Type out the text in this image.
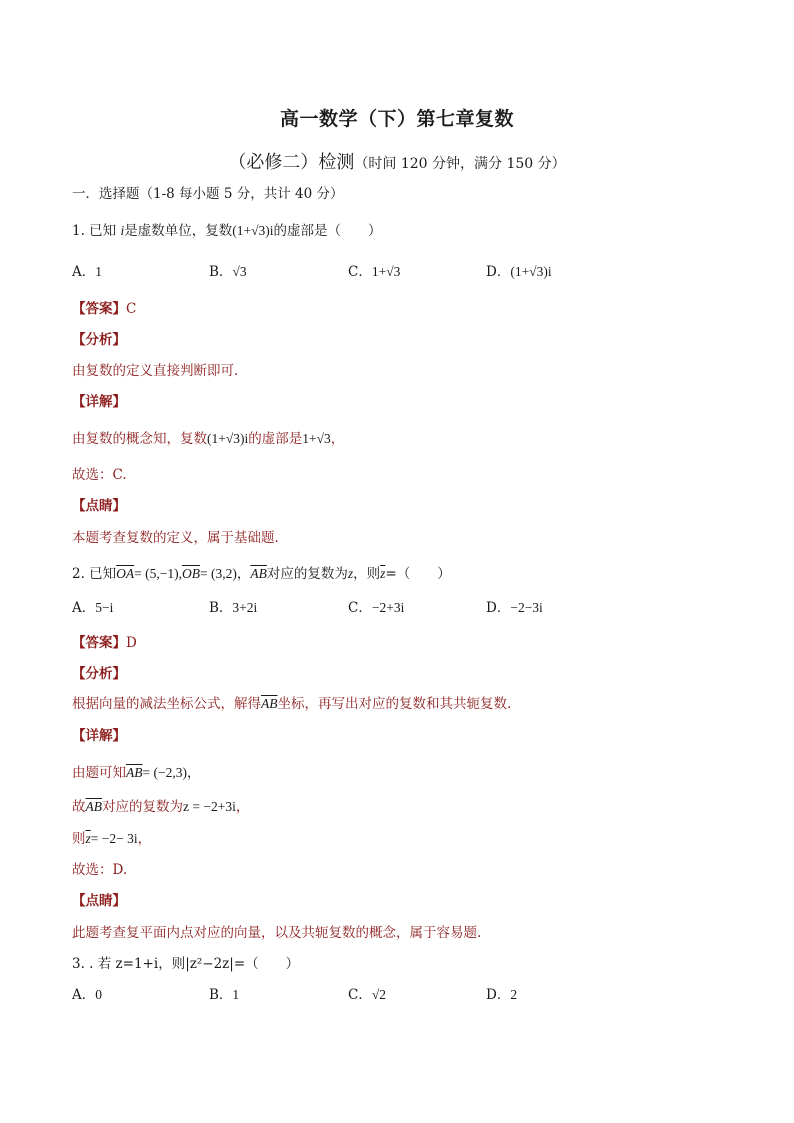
高一数学（下）第七章复数
（必修二）检测（时间 120 分钟，满分 150 分）
一．选择题（1-8 每小题 5 分，共计 40 分）
1. 已知 i是虚数单位，复数(1+√3)i的虚部是（　　）
A．1	B．√3	C．1+√3	D．(1+√3)i
【答案】C
【分析】
由复数的定义直接判断即可.
【详解】
由复数的概念知，复数(1+√3)i的虚部是1+√3，
故选：C.
【点睛】
本题考查复数的定义，属于基础题.
2. 已知$\overline{OA}= (5,-1),\overline{OB}= (3,2)$，$\overline{AB}$对应的复数为z，则$\overline{z}=$（　　）
A．5−i	B．3+2i	C．−2+3i	D．−2−3i
【答案】D
【分析】
根据向量的减法坐标公式，解得$\overline{AB}$坐标，再写出对应的复数和其共轭复数.
【详解】
由题可知$\overline{AB}= (-2,3)$，
故$\overline{AB}$对应的复数为z = −2+3i，
则$\overline{z}= -2- 3i$，
故选：D.
【点睛】
此题考查复平面内点对应的向量，以及共轭复数的概念，属于容易题.
3. . 若 z=1+i，则|z²−2z|=（　　）
A．0	B．1	C．√2	D．2
